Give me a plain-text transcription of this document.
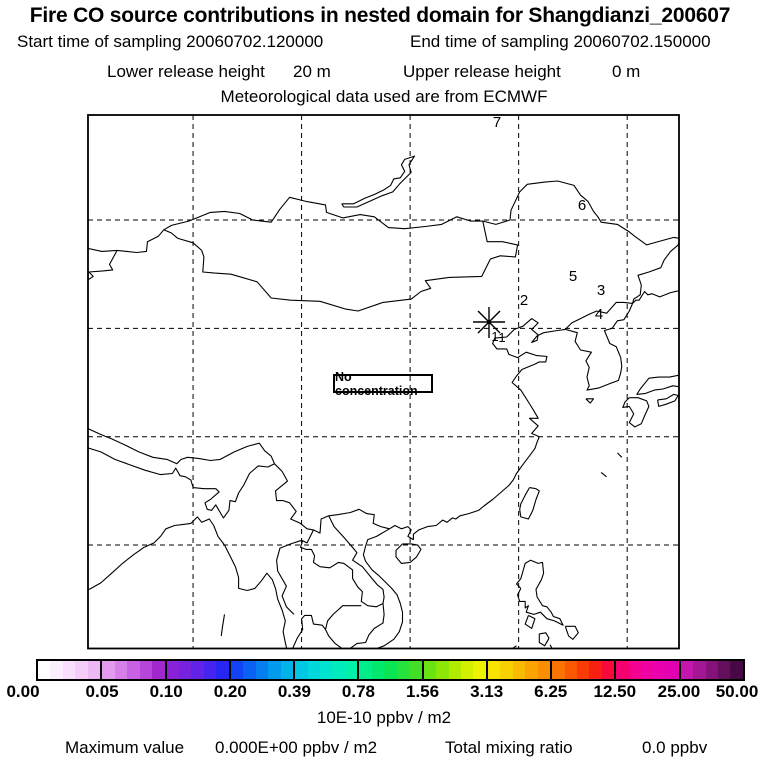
Fire CO source contributions in nested domain for Shangdianzi_200607
Start time of sampling 20060702.120000	End time of sampling 20060702.150000
Lower release height 20 m	Upper release height	0 m
Meteorological data used are from ECMWF
7
6
5
3
2
4
1 1
No concentration
0.00	0.05 0.10 0.20 0.39 0.78 1.56 3.13 6.25 12.50 25.00 50.00
10E-10 ppbv / m2
Maximum value 0.000E+00 ppbv / m2	Total mixing ratio	0.0 ppbv
